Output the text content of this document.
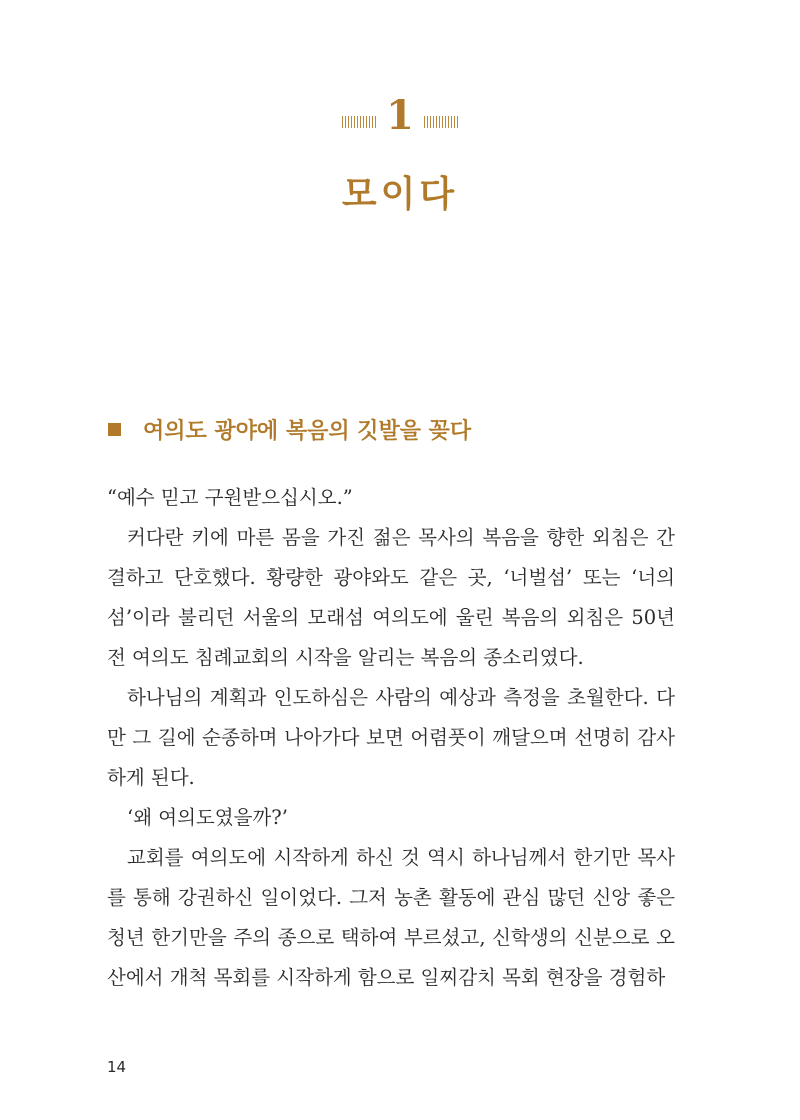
1
모이다
여의도 광야에 복음의 깃발을 꽂다

“예수 믿고 구원받으십시오.”

커다란 키에 마른 몸을 가진 젊은 목사의 복음을 향한 외침은 간결하고 단호했다. 황량한 광야와도 같은 곳, ‘너벌섬’ 또는 ‘너의섬’이라 불리던 서울의 모래섬 여의도에 울린 복음의 외침은 50년 전 여의도 침례교회의 시작을 알리는 복음의 종소리였다.

하나님의 계획과 인도하심은 사람의 예상과 측정을 초월한다. 다만 그 길에 순종하며 나아가다 보면 어렴풋이 깨달으며 선명히 감사하게 된다.

‘왜 여의도였을까?’

교회를 여의도에 시작하게 하신 것 역시 하나님께서 한기만 목사를 통해 강권하신 일이었다. 그저 농촌 활동에 관심 많던 신앙 좋은 청년 한기만을 주의 종으로 택하여 부르셨고, 신학생의 신분으로 오산에서 개척 목회를 시작하게 함으로 일찌감치 목회 현장을 경험하

14
